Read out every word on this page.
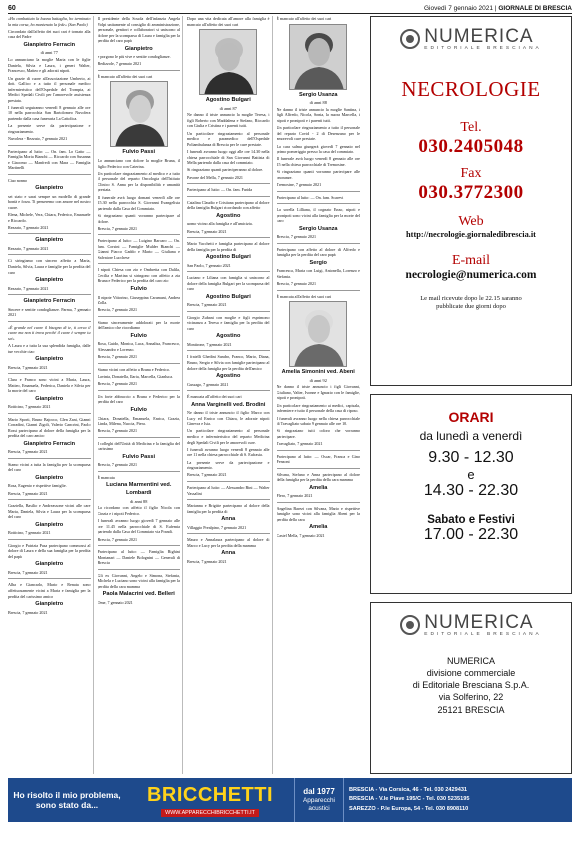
60	Giovedì 7 gennaio 2021 | GIORNALE DI BRESCIA

«Ho combattuto la buona battaglia, ho terminato la mia corsa, ho mantenuto la fede» (San Paolo)

Circondato dall'affetto dei suoi cari è tornato alla casa del Padre

Gianpietro Ferracin
di anni 77

Lo annunciano la moglie Maria con le figlie Daniela, Silvia e Laura, i generi Walter, Francesco, Matteo e gli adorati nipoti.

Un grazie di cuore all'associazione Umberto, ai dott. Gallico e a tutto il personale medico infermieristico dell'Ospedale del Trompia, ai Medici Spedali Civili per l'amorevole assistenza prestata.

I funerali seguiranno venerdì 8 gennaio alle ore 10 nella parrocchia San Bartolomeo Nuvolera partendo dalla casa funeraria La Cattolica.

La presente serve da partecipazione e ringraziamento.

Nuvolera - Rezzato, 7 gennaio 2021

Partecipano al lutto: — On. fam. Lo Gatto — Famiglia Moria Bianchi — Riccardo con Susanna e Giacomo — Manfredi con Mara — Famiglia Martinelli

Ciao nonno

Gianpietro

sei stato e sarai sempre un modello di grande bontà e forza. Ti penseremo con amore nel nostro cuore.

Elena, Michele, Vera, Chiara, Federico, Emanuele e Riccardo.

Rezzato, 7 gennaio 2021

Gianpietro

Rezzato, 7 gennaio 2021

Ci stringiamo con sincero affetto a Maria, Daniela, Silvia, Laura e famiglie per la perdita del caro

Gianpietro

Rezzato, 7 gennaio 2021

Gianpietro Ferracin

Sincere e sentite condoglianze. Parma, 7 gennaio 2021

«È grande nel cuore il bisogno di te, ti cerca il cuore ma non ti trova perché il cuore è sempre tu sei»

A Laura e a tutta la sua splendida famiglia, dalle tue vecchie ciao

Gianpietro

Brescia, 7 gennaio 2021

Clara e Franco sono vicini a Maria, Laura, Matteo, Emanuela, Federica, Daniela e Silvia per la morte del caro

Gianpietro

Botticino, 7 gennaio 2021

Mario Sporti, Bruno Bajocco, Glen Zani, Gianni Corradini, Gianni Zigoli, Valerio Cancrini, Paolo Rossi partecipano al dolore della famiglia per la perdita del caro amico

Gianpietro Ferracin

Brescia, 7 gennaio 2021

Siamo vicini a tutta la famiglia per la scomparsa del caro

Gianpietro

Rosa, Eugenio e rispettive famiglie.

Brescia, 7 gennaio 2021

Graziella, Basilio e Andreassone vicini alle care Maria, Daniela, Silvia e Laura per la scomparsa del caro

Gianpietro

Botticino, 7 gennaio 2021

Giorgio e Patrizia Pasa partecipano commossi al dolore di Laura e della sua famiglia per la perdita del papà

Gianpietro

Brescia, 7 gennaio 2021

Alba e Giancarlo, Mario e Renata sono affettuosamente vicini a Maria e famiglia per la perdita del carissimo amico

Gianpietro

Brescia, 7 gennaio 2021

Il presidente della Scuola dell'infanzia Angela Volpi unitamente al consiglio di amministrazione, personale, genitori e collaboratori si uniscono al dolore per la scomparsa di Laura e famiglia per la perdita del caro papà

Gianpietro

e porgono le più vive e sentite condoglianze.

Bedizzole, 7 gennaio 2021

È mancato all'affetto dei suoi cari

Fulvio Passi

Lo annunciano con dolore la moglie Bruna, il figlio Federico con Caterina.

Un particolare ringraziamento al medico e a tutto il personale del reparto Oncologia dell'Istituto Clinico S. Anna per la disponibilità e umanità prestata.

Il funerale avrà luogo domani venerdì alle ore 15.30 nella parrocchia S. Giovanni Evangelista partendo dalla Casa del Commiato.

Si ringraziano quanti vorranno partecipare al dolore.

Brescia, 7 gennaio 2021

Partecipano al lutto: — Luigino Barcaro — On. fam. Corsini — Famiglie Mulder Bianchi — Gianni Piacco Gaddo e Mario — Giuliana e Salvatore Lucchese

I nipoti Chiesa con zio e Ombretta con Dalila, Cecilia e Martina si stringono con affetto a zia Bruna e Federico per la perdita del caro zio

Fulvio

Il nipote Vittorino, Giuseppina Caramani, Andrea Zolla.

Brescia, 7 gennaio 2021

Siamo sinceramente addolorati per la morte dell'amico che ricordiamo

Fulvio

Rosa, Guido, Monica, Luca, Annalisa, Francesco, Alessandro e Lorenzo.

Brescia, 7 gennaio 2021

Siamo vicini con affetto a Bruna e Federico.

Lavinia, Donatella, Ilaria, Marcella, Gianluca.

Brescia, 7 gennaio 2021

Un forte abbraccio a Bruna e Federico per la perdita del caro

Fulvio

Chiara, Donatella, Emanuela, Enrica, Grazia, Linda, Milena, Nuccia, Piera.

Brescia, 7 gennaio 2021

I colleghi dell'Unità di Medicina e la famiglia del carissimo

Fulvio Passi

Brescia, 7 gennaio 2021

È mancata

Luciana Marmentini ved. Lombardi
di anni 88

La ricordano con affetto il figlio Nicola con Cinzia e i nipoti Federico.

I funerali avranno luogo giovedì 7 gennaio alle ore 11.45 nella parrocchiale di S. Eufemia partendo dalla Casa del Commiato via Prandi.

Brescia, 7 gennaio 2021

Partecipano al lutto: — Famiglia Righini Montanari — Daniele Bolognini — Generali di Brescia

Gli ex Giovanni, Angelo e Simona, Stefania, Michela e Luciano sono vicini alla famiglia per la perdita della cara mamma

Paola Malacrini ved. Belleri

Ome, 7 gennaio 2021

Dopo una vita dedicata all'amore alla famiglia è mancato all'affetto dei suoi cari

Agostino Bulgari
di anni 87

Ne danno il triste annuncio la moglie Teresa, i figli Roberto con Maddalena e Stefano, Riccardo con Giulia e Cristina e i parenti tutti.

Un particolare ringraziamento al personale medico e paramedico dell'Ospedale Poliambulanza di Brescia per le cure prestate.

I funerali avranno luogo oggi alle ore 14.30 nella chiesa parrocchiale di San Giovanni Battista di Mella partendo dalla casa del commiato.

Si ringraziano quanti parteciperanno al dolore.

Pavone del Mella, 7 gennaio 2021

Partecipano al lutto: — On. fam. Farida

Catalina Claudio e Cristiana partecipano al dolore della famiglia Bulgari ricordando con affetto

Agostino

uomo vicino alla famiglia e all'amicizia.

Brescia, 7 gennaio 2021

Mario Vacchetti e famiglia partecipano al dolore della famiglia per la perdita di

Agostino Bulgari

San Paolo, 7 gennaio 2021

Luciano e Liliana con famiglia si uniscono al dolore della famiglia Bulgari per la scomparsa del caro

Agostino Bulgari

Brescia, 7 gennaio 2021

Giorgio Zubani con moglie e figli esprimono vicinanza a Teresa e famiglia per la perdita del caro

Agostino

Montirone, 7 gennaio 2021

I fratelli Ghedini Sandro, Franco, Mario, Diana, Bruno, Sergio e Silvia con famiglie partecipano al dolore della famiglia per la perdita dell'amico

Agostino

Gussago, 7 gennaio 2021

È mancata all'affetto dei suoi cari

Anna Varginelli ved. Brodini

Ne danno il triste annuncio il figlio Marco con Lucy ed Enrico con Chiara, le adorate nipoti Ginevra e Isia.

Un particolare ringraziamento al personale medico e infermieristico del reparto Medicina degli Spedali Civili per le amorevoli cure.

I funerali avranno luogo venerdì 8 gennaio alle ore 11 nella chiesa parrocchiale di S. Eufrasia.

La presente serve da partecipazione e ringraziamento.

Brescia, 7 gennaio 2021

Partecipano al lutto: — Alessandro Bini — Walter Vassalini

Marianna e Brigitte partecipano al dolore della famiglia per la perdita di

Anna

Villaggio Prealpino, 7 gennaio 2021

Mauro e Annalaura partecipano al dolore di Marco e Lucy per la perdita della mamma

Anna

Brescia, 7 gennaio 2021

È mancato all'affetto dei suoi cari

Sergio Usanza
di anni 88

Ne danno il triste annuncio la moglie Santina, i figli Alfredo, Nicola, Sonia, la nuora Marcella, i nipoti e pronipoti e i parenti tutti.

Un particolare ringraziamento a tutto il personale del reparto Covid - 2 di Desenzano per le amorevoli cure prestate.

La cara salma giungerà giovedì 7 gennaio nel primo pomeriggio presso la casa del commiato.

Il funerale avrà luogo venerdì 8 gennaio alle ore 15 nella chiesa parrocchiale di Tremosine.

Si ringraziano quanti vorranno partecipare alle onoranze.

Tremosine, 7 gennaio 2021

Partecipano al lutto: — On. fam. Scarevi

La sorella Lilliana, il cognato Enzo, nipoti e pronipoti sono vicini alla famiglia per la morte del caro

Sergio Usanza

Brescia, 7 gennaio 2021

Partecipano con affetto al dolore di Alfredo e famiglia per la perdita del caro papà

Sergio

Francesca, Maria con Luigi, Antonella, Lorenzo e Stefania.

Brescia, 7 gennaio 2021

È mancata all'affetto dei suoi cari

Amelia Simonini ved. Abeni
di anni 92

Ne danno il triste annuncio i figli Giovanni, Giuliano, Valter, Ivonne e Ignazio con le famiglie, nipoti e pronipoti.

Un particolare ringraziamento ai medici, capisala, infermiere e tutto il personale della casa di riposo.

I funerali avranno luogo nella chiesa parrocchiale di Travagliato sabato 9 gennaio alle ore 10.

Si ringraziano tutti coloro che vorranno partecipare.

Travagliato, 7 gennaio 2021

Partecipano al lutto: — Oscar, Franca e Gino Fenzoni

Silvana, Stefano e Anna partecipano al dolore della famiglia per la perdita della cara mamma

Amelia

Flero, 7 gennaio 2021

Angelina Barezi con Silvana, Mario e rispettive famiglie sono vicini alla famiglia Abeni per la perdita della cara

Amelia

Castel Mella, 7 gennaio 2021

NUMERICA
EDITORIALE BRESCIANA
NECROLOGIE
Tel.
030.2405048
Fax
030.3772300
Web
http://necrologie.giornaledibrescia.it
E-mail
necrologie@numerica.com
Le mail ricevute dopo le 22.15 saranno pubblicate due giorni dopo
ORARI
da lunedì a venerdì
9.30 - 12.30
e
14.30 - 22.30
Sabato e Festivi
17.00 - 22.30
NUMERICA
EDITORIALE BRESCIANA
NUMERICA
divisione commerciale
di Editoriale Bresciana S.p.A.
via Solferino, 22
25121 BRESCIA
Ho risolto il mio problema,
sono stato da... BRICCHETTI
WWW.APPARECCHIBRICCHETTI.IT
dal 1977
Apparecchi
acustici
BRESCIA - Via Corsica, 46 - Tel. 030 2429431
BRESCIA - V.le Piave 195/C - Tel. 030 5235195
SAREZZO - P.le Europa, 54 - Tel. 030 8908110
